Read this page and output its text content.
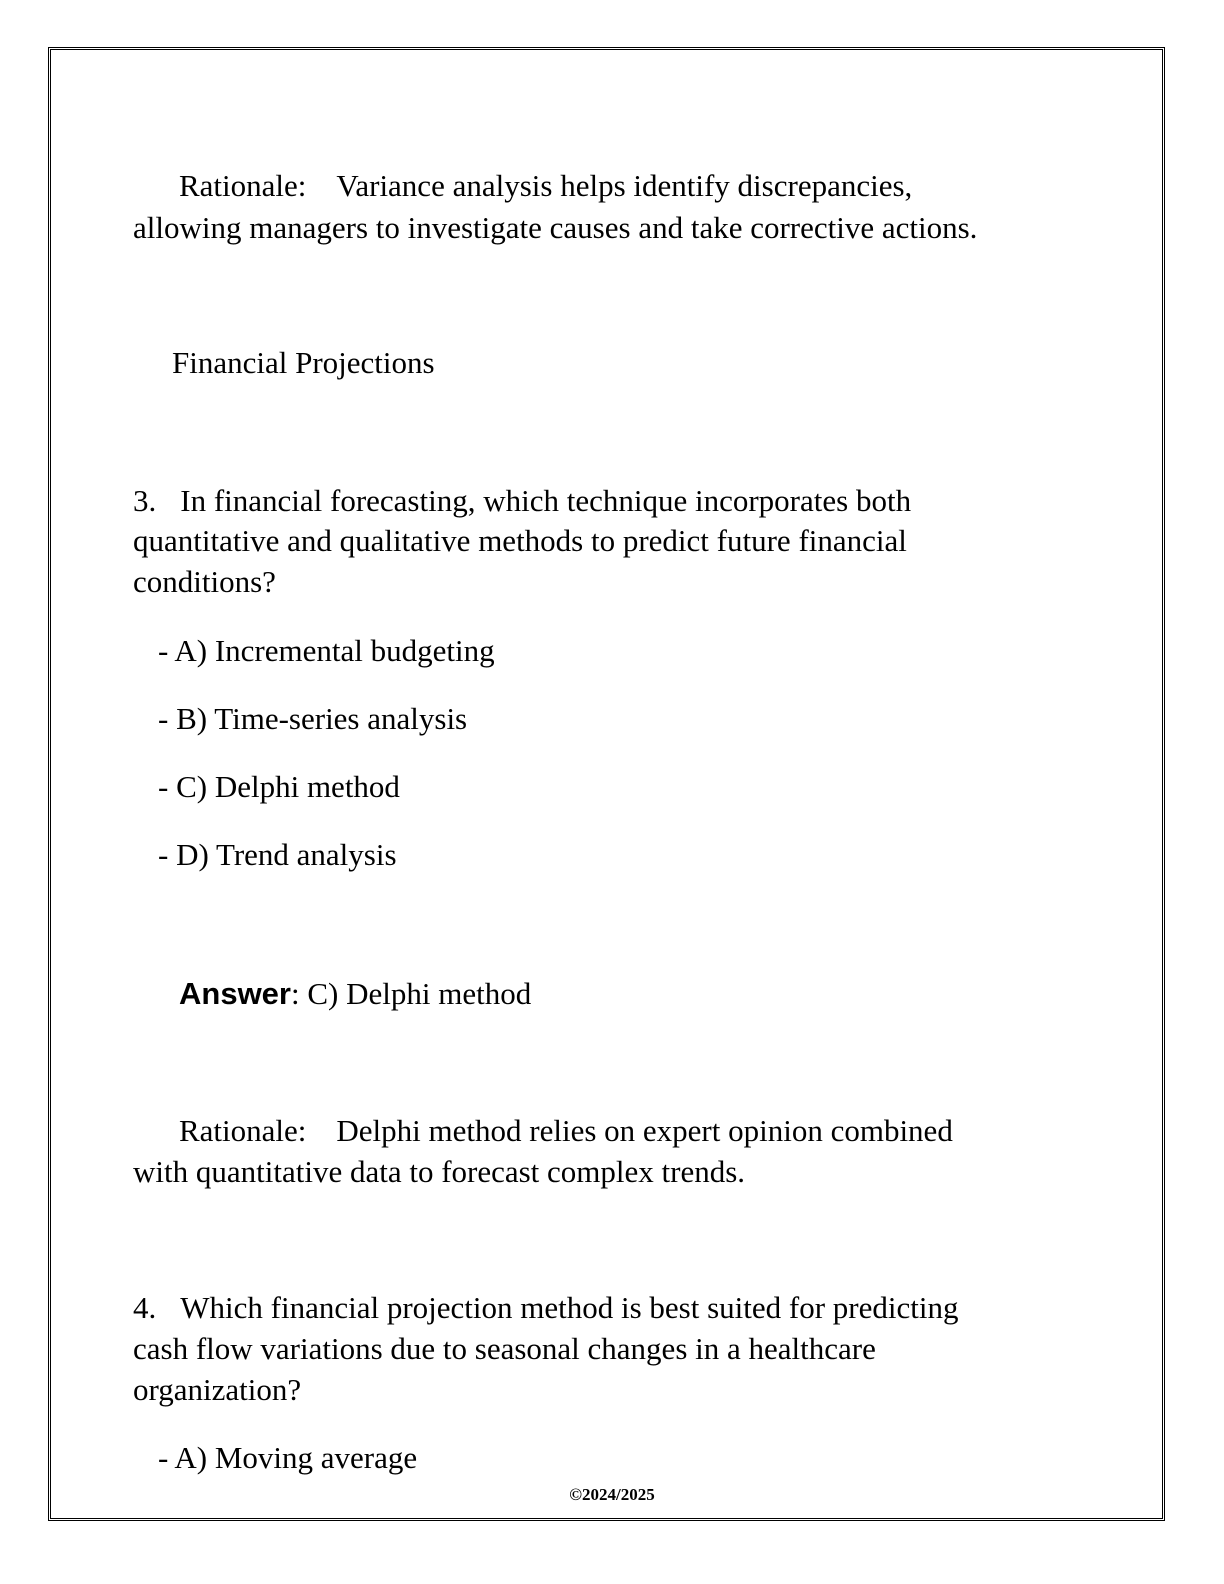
Rationale: Variance analysis helps identify discrepancies,
allowing managers to investigate causes and take corrective actions.
Financial Projections
3. In financial forecasting, which technique incorporates both
quantitative and qualitative methods to predict future financial
conditions?
- A) Incremental budgeting
- B) Time-series analysis
- C) Delphi method
- D) Trend analysis
Answer: C) Delphi method
Rationale: Delphi method relies on expert opinion combined
with quantitative data to forecast complex trends.
4. Which financial projection method is best suited for predicting
cash flow variations due to seasonal changes in a healthcare
organization?
- A) Moving average
©2024/2025
